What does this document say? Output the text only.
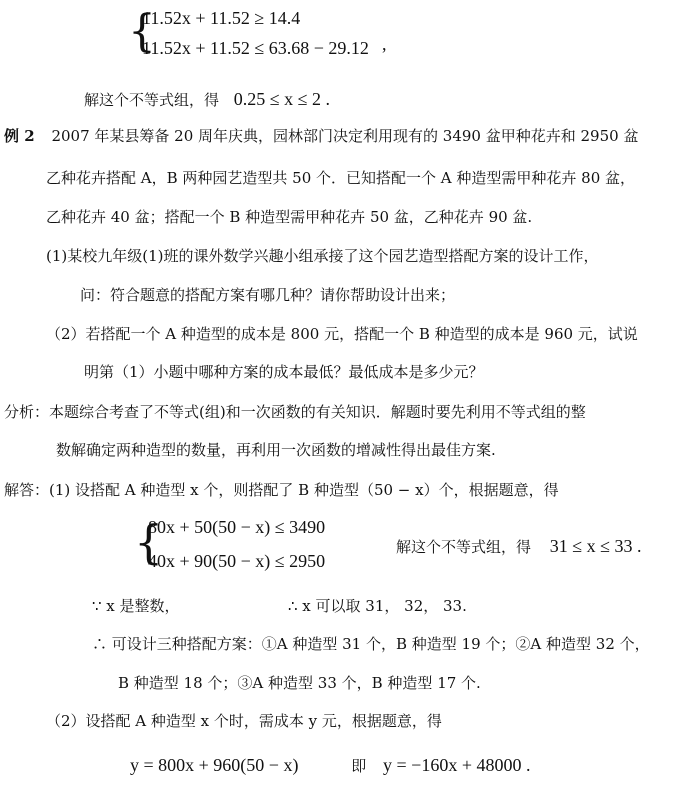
{
11.52x + 11.52 ≥ 14.4
11.52x + 11.52 ≤ 63.68 − 29.12 ,
解这个不等式组，得 0.25 ≤ x ≤ 2 .
例 2 2007 年某县筹备 20 周年庆典，园林部门决定利用现有的 3490 盆甲种花卉和 2950 盆
乙种花卉搭配 A，B 两种园艺造型共 50 个．已知搭配一个 A 种造型需甲种花卉 80 盆，
乙种花卉 40 盆；搭配一个 B 种造型需甲种花卉 50 盆，乙种花卉 90 盆.
(1)某校九年级(1)班的课外数学兴趣小组承接了这个园艺造型搭配方案的设计工作，
问：符合题意的搭配方案有哪几种？请你帮助设计出来；
（2）若搭配一个 A 种造型的成本是 800 元，搭配一个 B 种造型的成本是 960 元，试说
明第（1）小题中哪种方案的成本最低？最低成本是多少元？
分析：本题综合考查了不等式(组)和一次函数的有关知识．解题时要先利用不等式组的整
数解确定两种造型的数量，再利用一次函数的增减性得出最佳方案.
解答：(1) 设搭配 A 种造型 x 个，则搭配了 B 种造型（50 − x）个，根据题意，得
{
80x + 50(50 − x) ≤ 3490
40x + 90(50 − x) ≤ 2950
解这个不等式组，得 31 ≤ x ≤ 33 .
∵ x 是整数，	∴ x 可以取 31， 32， 33.
∴ 可设计三种搭配方案：①A 种造型 31 个，B 种造型 19 个；②A 种造型 32 个，
B 种造型 18 个；③A 种造型 33 个，B 种造型 17 个.
（2）设搭配 A 种造型 x 个时，需成本 y 元，根据题意，得
y = 800x + 960(50 − x)	即 y = −160x + 48000 .
